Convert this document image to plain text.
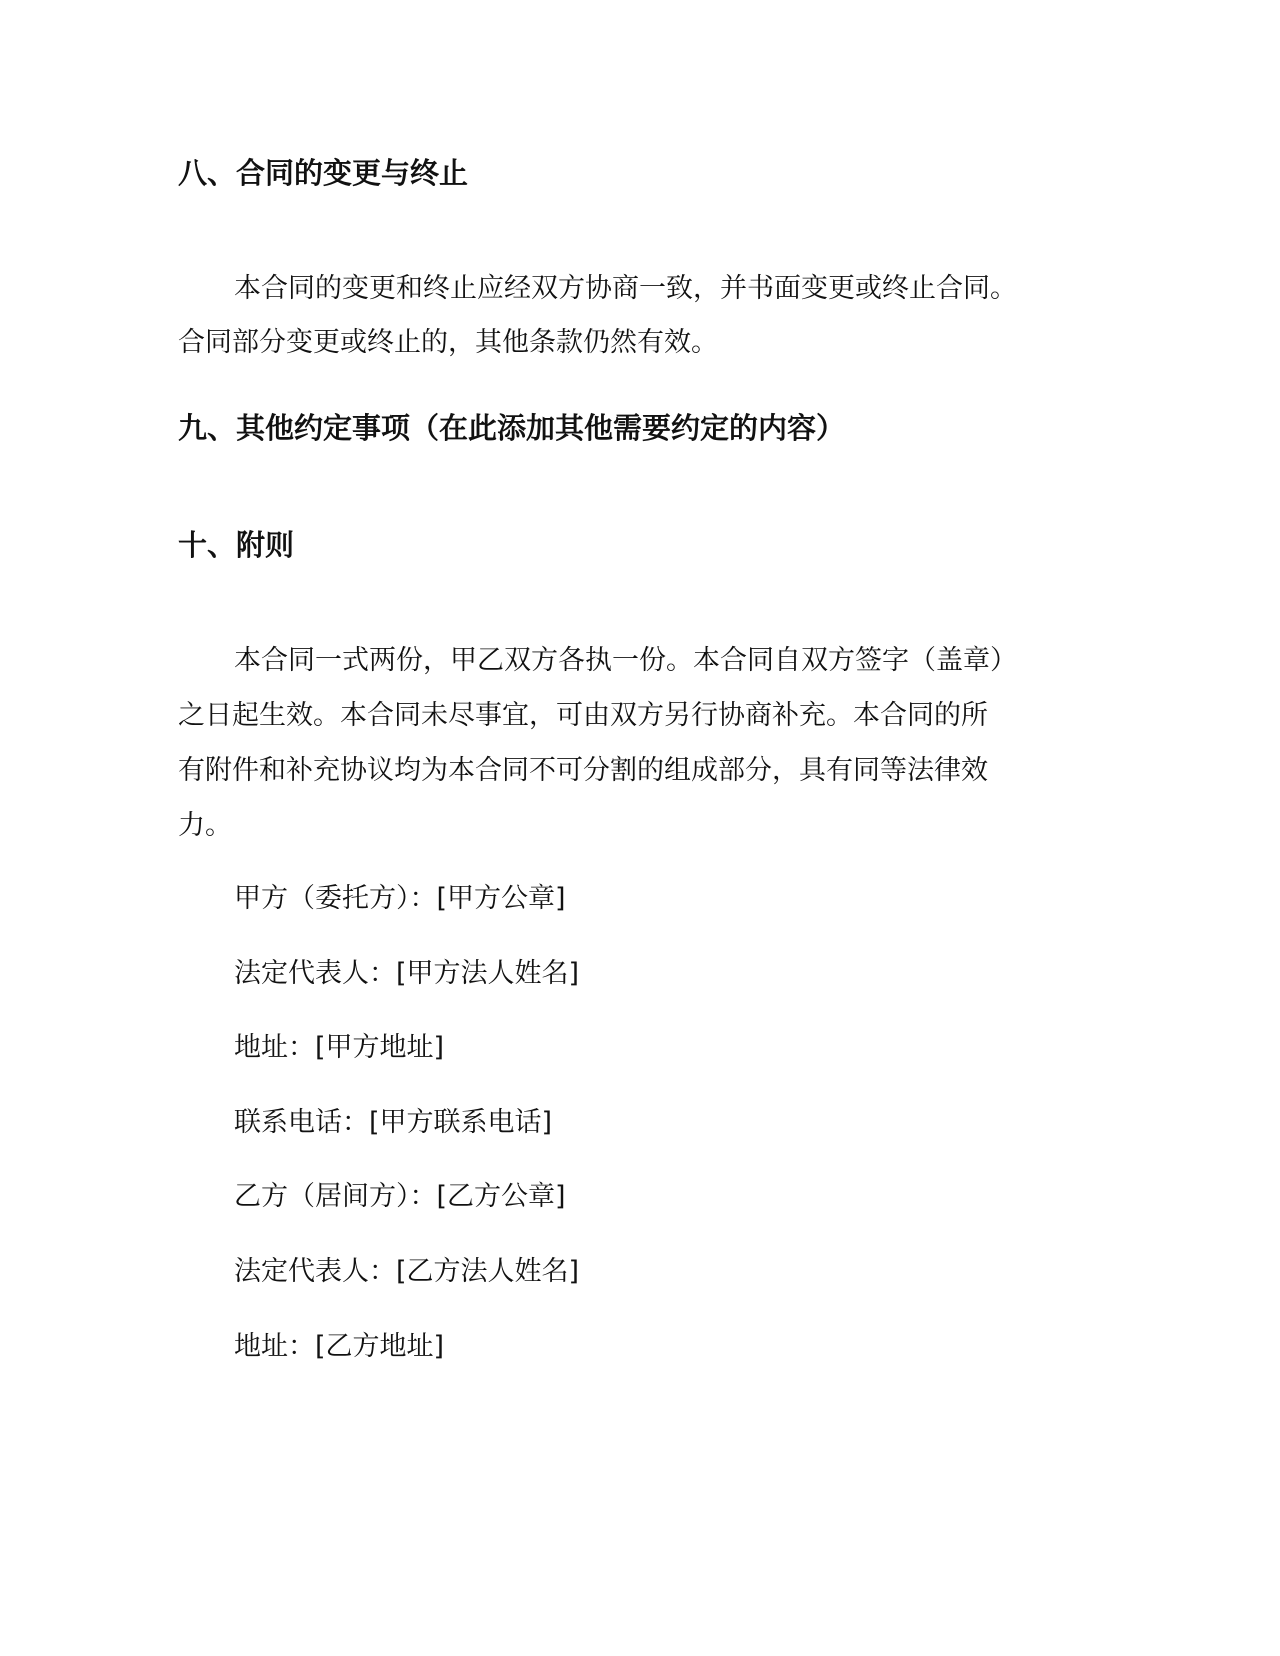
八、合同的变更与终止
本合同的变更和终止应经双方协商一致，并书面变更或终止合同。
合同部分变更或终止的，其他条款仍然有效。
九、其他约定事项（在此添加其他需要约定的内容）
十、附则
本合同一式两份，甲乙双方各执一份。本合同自双方签字（盖章）
之日起生效。本合同未尽事宜，可由双方另行协商补充。本合同的所
有附件和补充协议均为本合同不可分割的组成部分，具有同等法律效
力。
甲方（委托方）：[甲方公章]
法定代表人：[甲方法人姓名]
地址：[甲方地址]
联系电话：[甲方联系电话]
乙方（居间方）：[乙方公章]
法定代表人：[乙方法人姓名]
地址：[乙方地址]
